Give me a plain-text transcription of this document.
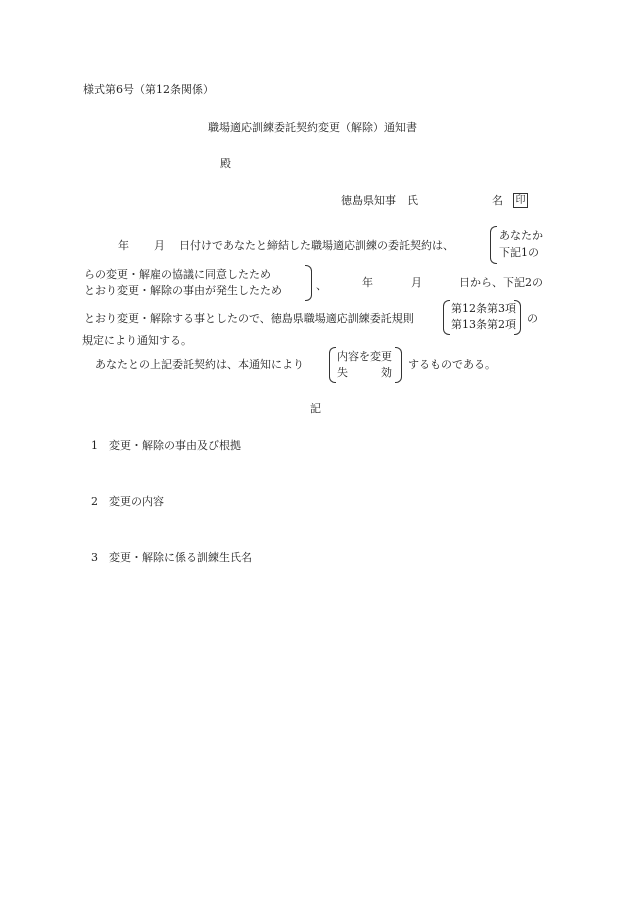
様式第6号（第12条関係）
職場適応訓練委託契約変更（解除）通知書
殿
徳島県知事　氏	名 印
年 月 日付けであなたと締結した職場適応訓練の委託契約は、
あなたか
下記1の
らの変更・解雇の協議に同意したため
とおり変更・解除の事由が発生したため	、	年	月	日から、下記2の
とおり変更・解除する事としたので、徳島県職場適応訓練委託規則
第12条第3項
第13条第2項 の
規定により通知する。
あなたとの上記委託契約は、本通知により
内容を変更
失　　　効
するものである。
記
1 変更・解除の事由及び根拠
2 変更の内容
3 変更・解除に係る訓練生氏名
